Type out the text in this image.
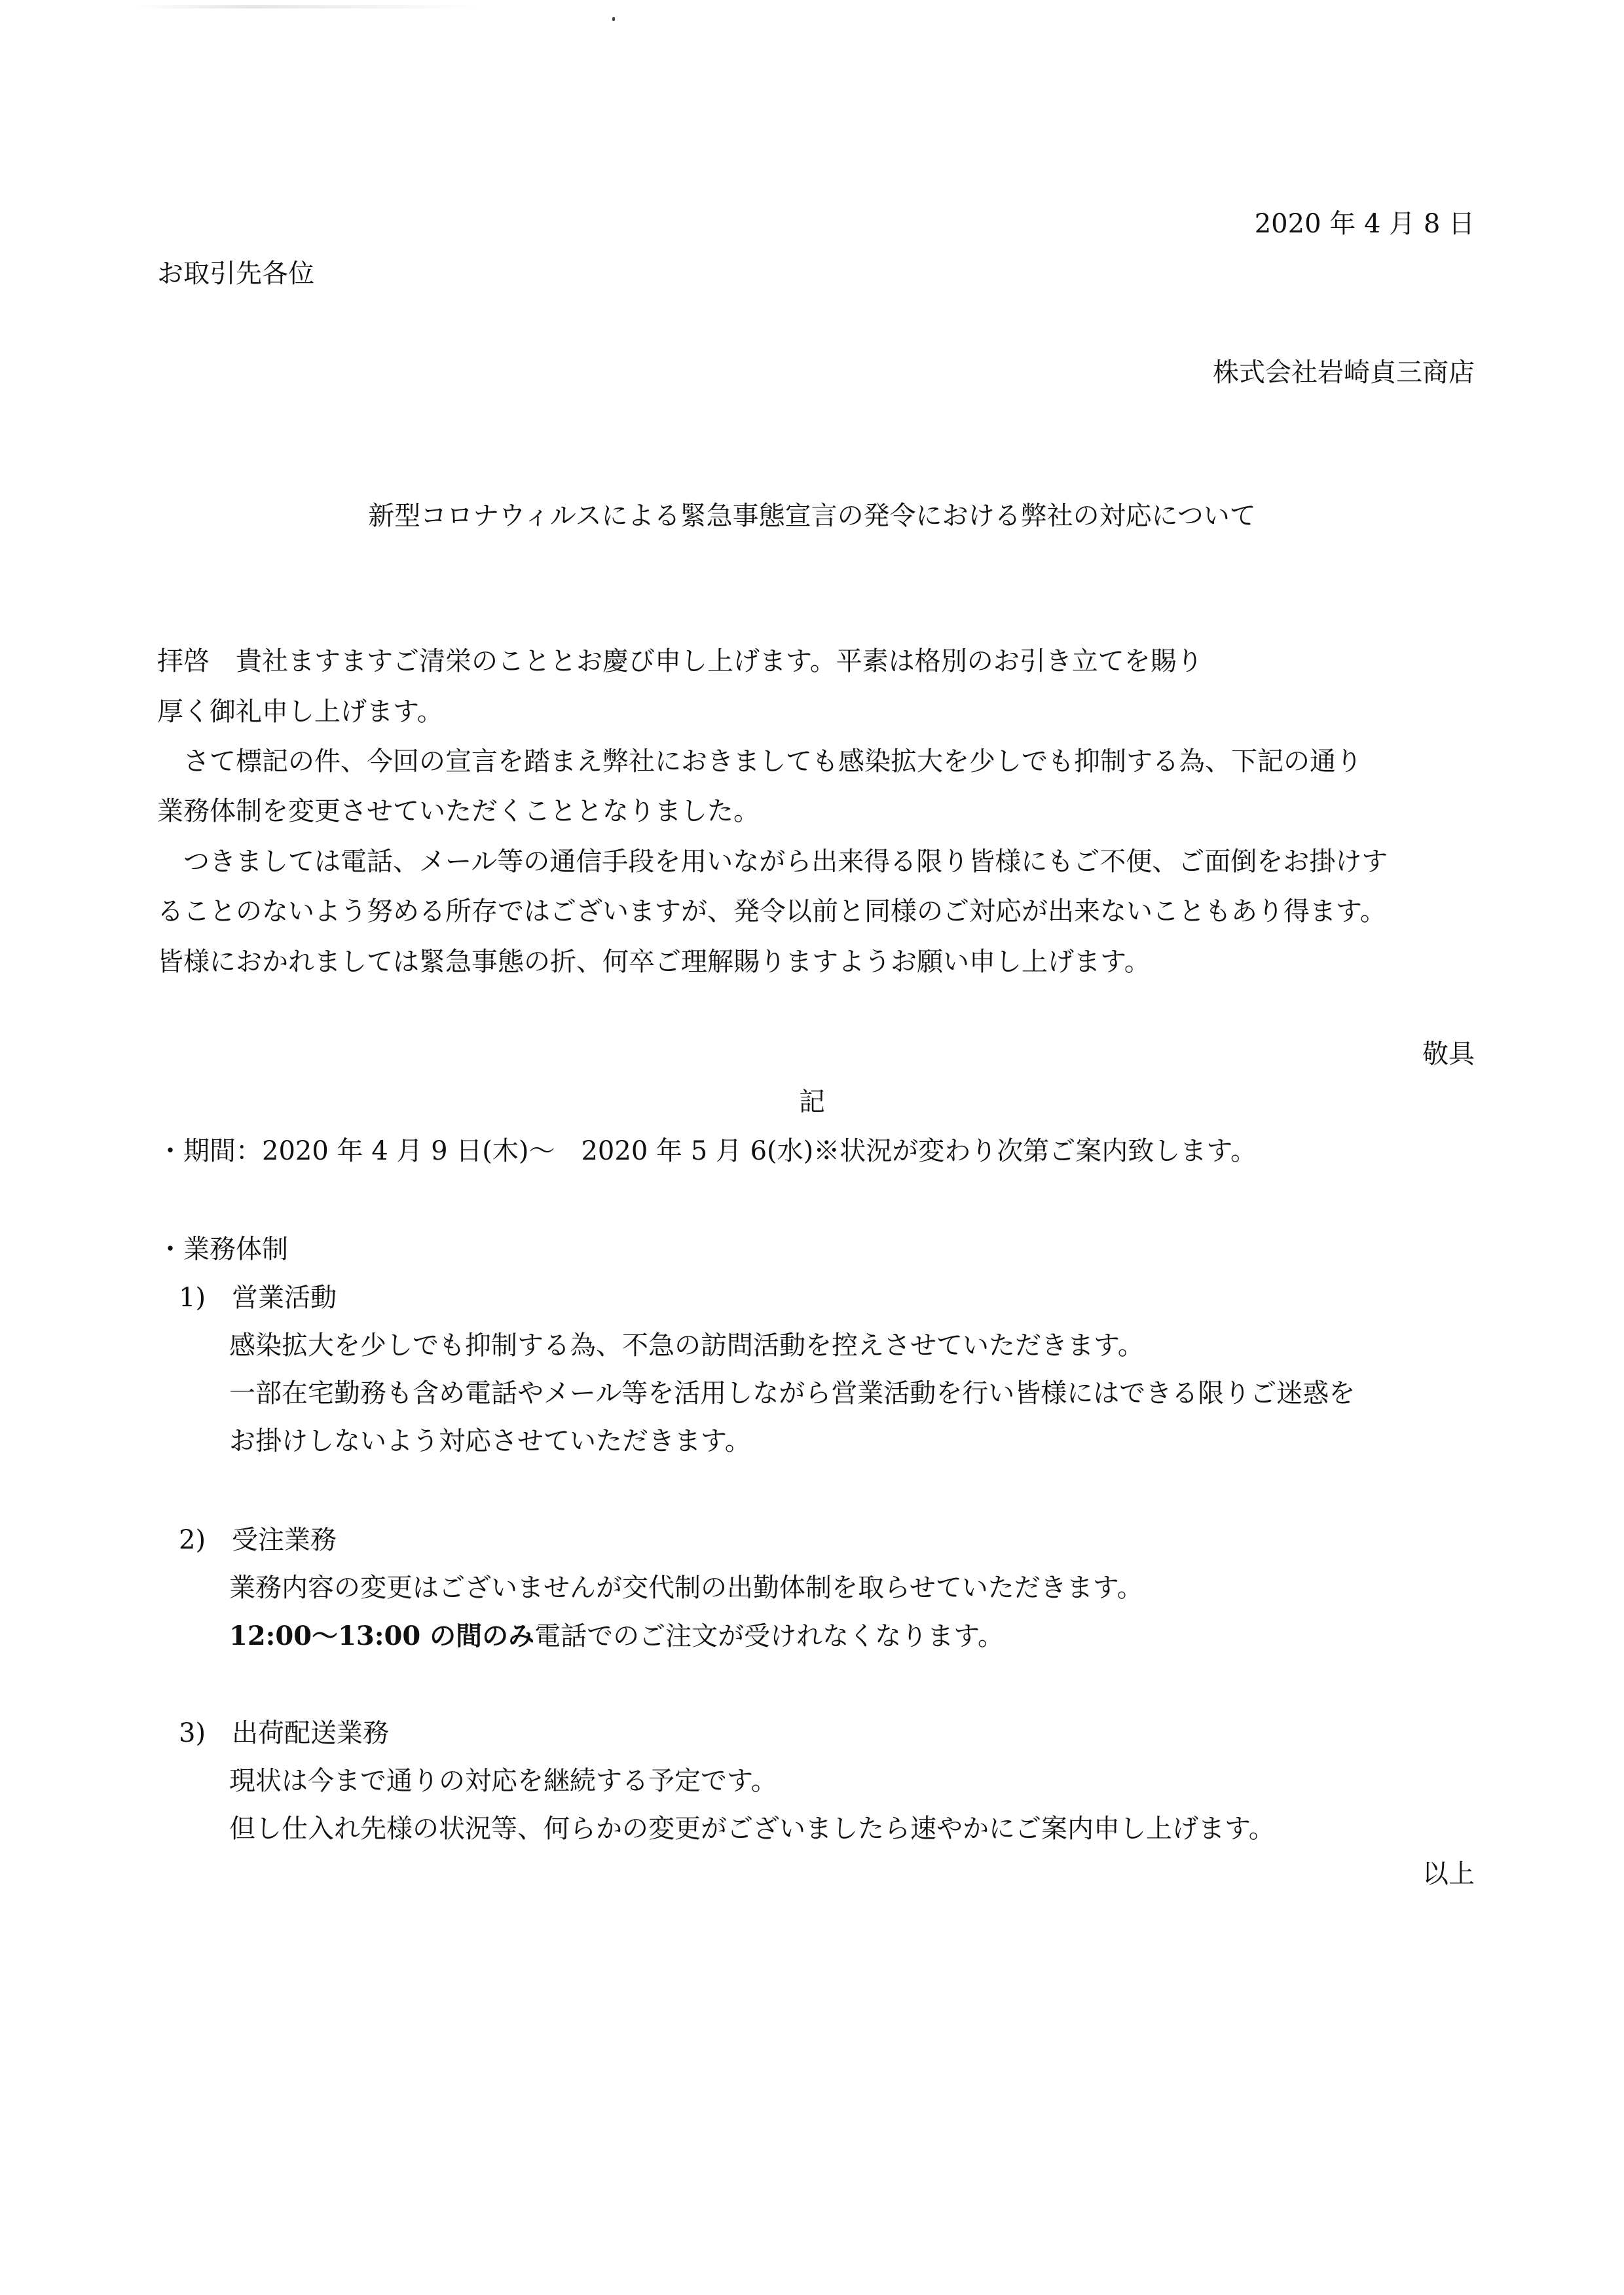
2020 年 4 月 8 日
お取引先各位
株式会社岩崎貞三商店
新型コロナウィルスによる緊急事態宣言の発令における弊社の対応について
拝啓　貴社ますますご清栄のこととお慶び申し上げます。平素は格別のお引き立てを賜り
厚く御礼申し上げます。
　さて標記の件、今回の宣言を踏まえ弊社におきましても感染拡大を少しでも抑制する為、下記の通り
業務体制を変更させていただくこととなりました。
　つきましては電話、メール等の通信手段を用いながら出来得る限り皆様にもご不便、ご面倒をお掛けす
ることのないよう努める所存ではございますが、発令以前と同様のご対応が出来ないこともあり得ます。
皆様におかれましては緊急事態の折、何卒ご理解賜りますようお願い申し上げます。
敬具
記
・期間：2020 年 4 月 9 日(木)～　2020 年 5 月 6(水)※状況が変わり次第ご案内致します。
・業務体制
1)　営業活動
感染拡大を少しでも抑制する為、不急の訪問活動を控えさせていただきます。
一部在宅勤務も含め電話やメール等を活用しながら営業活動を行い皆様にはできる限りご迷惑を
お掛けしないよう対応させていただきます。
2)　受注業務
業務内容の変更はございませんが交代制の出勤体制を取らせていただきます。
12:00～13:00 の間のみ電話でのご注文が受けれなくなります。
3)　出荷配送業務
現状は今まで通りの対応を継続する予定です。
但し仕入れ先様の状況等、何らかの変更がございましたら速やかにご案内申し上げます。
以上
